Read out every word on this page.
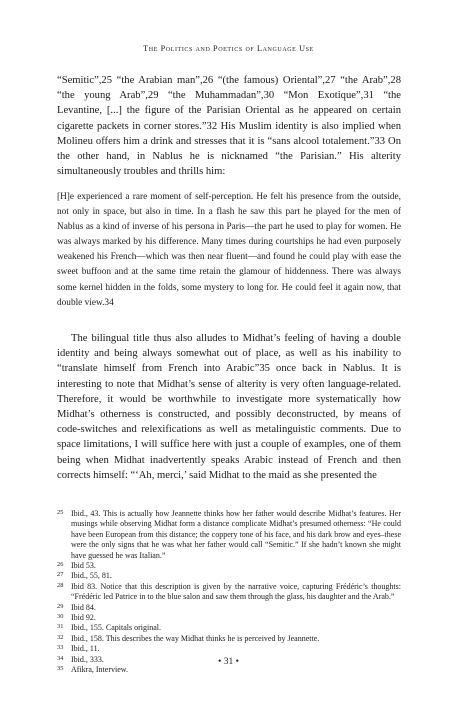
The Politics and Poetics of Language Use

“Semitic”,25 “the Arabian man”,26 “(the famous) Oriental”,27 “the Arab”,28 “the young Arab”,29 “the Muhammadan”,30 “Mon Exotique”,31 “the Levantine, [...] the figure of the Parisian Oriental as he appeared on certain cigarette packets in corner stores.”32 His Muslim identity is also implied when Molineu offers him a drink and stresses that it is “sans alcool totalement.”33 On the other hand, in Nablus he is nicknamed “the Parisian.” His alterity simultaneously troubles and thrills him:

[H]e experienced a rare moment of self-perception. He felt his presence from the outside, not only in space, but also in time. In a flash he saw this part he played for the men of Nablus as a kind of inverse of his persona in Paris—the part he used to play for women. He was always marked by his difference. Many times during courtships he had even purposely weakened his French—which was then near fluent—and found he could play with ease the sweet buffoon and at the same time retain the glamour of hiddenness. There was always some kernel hidden in the folds, some mystery to long for. He could feel it again now, that double view.34

The bilingual title thus also alludes to Midhat’s feeling of having a double identity and being always somewhat out of place, as well as his inability to “translate himself from French into Arabic”35 once back in Nablus. It is interesting to note that Midhat’s sense of alterity is very often language-related. Therefore, it would be worthwhile to investigate more systematically how Midhat’s otherness is constructed, and possibly deconstructed, by means of code-switches and relexifications as well as metalinguistic comments. Due to space limitations, I will suffice here with just a couple of examples, one of them being when Midhat inadvertently speaks Arabic instead of French and then corrects himself: “‘Ah, merci,’ said Midhat to the maid as she presented the

25 Ibid., 43. This is actually how Jeannette thinks how her father would describe Midhat’s features. Her musings while observing Midhat form a distance complicate Midhat’s presumed otherness: “He could have been European from this distance; the coppery tone of his face, and his dark brow and eyes–these were the only signs that he was what her father would call “Semitic.” If she hadn’t known she might have guessed he was Italian.”
26 Ibid 53.
27 Ibid., 55, 81.
28 Ibid 83. Notice that this description is given by the narrative voice, capturing Frédéric’s thoughts: “Frédéric led Patrice in to the blue salon and saw them through the glass, his daughter and the Arab.”
29 Ibid 84.
30 Ibid 92.
31 Ibid., 155. Capitals original.
32 Ibid., 158. This describes the way Midhat thinks he is perceived by Jeannette.
33 Ibid., 11.
34 Ibid., 333.
35 Afikra, Interview.
• 31 •
